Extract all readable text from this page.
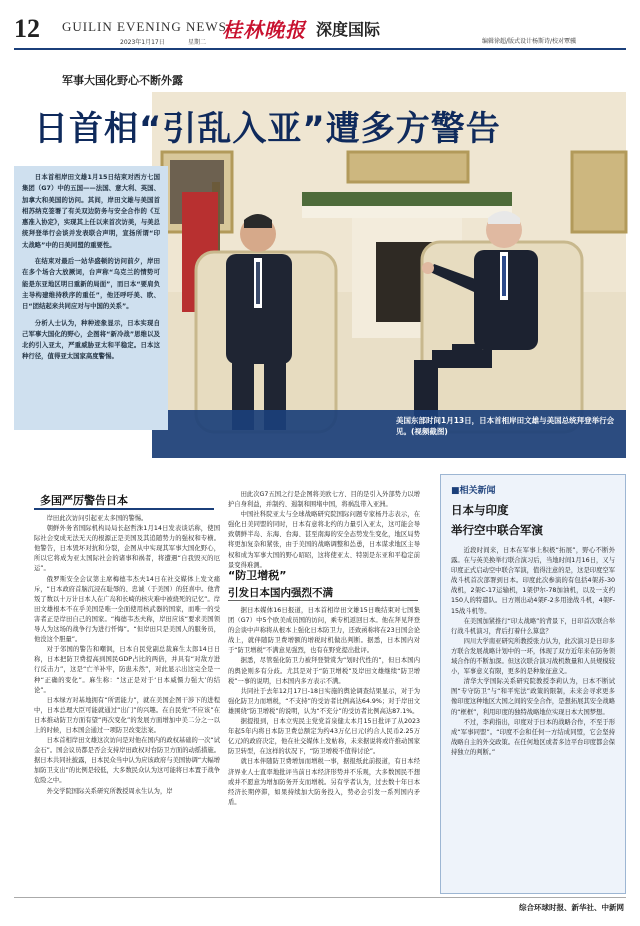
12 GUILIN EVENING NEWS
2023年1月17日	星期二
桂林晚报 深度国际
编辑徐超/版式设计杨斯诗/校对覃骥
军事大国化野心不断外露
日首相“引乱入亚”遭多方警告
美国东部时间1月13日，日本首相岸田文雄与美国总统拜登举行会见。(视频截图)

日本首相岸田文雄1月15日结束对西方七国集团（G7）中的五国——法国、意大利、英国、加拿大和美国的访问。其间，岸田文雄与美国首相苏纳克签署了有关双边防务与安全合作的《互惠准入协定》，实现其上任以来首次访美，与美总统拜登举行会谈并发表联合声明，宣扬所谓“印太战略”中的日美同盟的重要性。

在结束对最后一站华盛顿的访问前夕，岸田在多个场合大放厥词，台声称“乌克兰的情势可能是东亚地区明日重新的局面”，而日本“要肩负主导构建维持秩序的重任”，他还呼吁美、欧、日“团结起来共同应对与中国的关系”。

分析人士认为，种种迹象显示，日本实现自己军事大国化的野心，企图将“新冷战”思维以及北约引入亚太，严重威胁亚太和平稳定。日本这种行径，值得亚太国家高度警惕。

多国严厉警告日本

岸田此次访问引起亚太多国的警惕。

朝鲜外务省国际机构局局长赵哲洙1月14日发表谈话称，使国际社会变成无法无天的根源正是美国及其追随势力的强权和专横。他警告，日本毁坏对抗和分裂，企图从中实现其军事大国化野心，所以它将成为亚太国际社会的诸事和祸者，将遭遇“自我毁灭的厄运”。

俄罗斯安全会议第主席梅德韦杰夫14日在社交媒体上发文痛斥，“日本政府首脑沉浸在耻辱的、忠诚（于美国）的狂喜中。他背叛了数以十万计日本人在广岛和长崎的核灾难中被烧死的记忆”。岸田文雄根本不在乎美国是唯一全面使用核武器的国家，而唯一的受害者正是岸田自己的国家。“梅德韦杰夫称，岸田应该“要求美国领导人为这场的战争行为进行忏悔”。“但岸田只是美国人的服务员，他没这个胆量”。

对于邻国的警告和嘲讽，日本自民党副总裁麻生太郎14日日称，日本把防卫费提高到国民GDP占比的两倍，并具有“对敌方进行反击力”，这是“亡羊补牢，防患未然”，对此显示出这完全是一种“正确的变化”。麻生称：“这正是对于‘日本威慑力强大’的结论”。

日本绿方对基地拥有“所需能力”，就在美国企图干涉下的进程中，日本总理大臣可能就通过“出门”的兴趣。在自民党“不应该”在日本推动防卫方面有望“再次变化”的发展方面增加中美二分之一以上的时候，日本国会通过一项防卫改变法案。

日本首相岸田文雄这次访问是对他在国内的政权基础的一次“试金石”。国会议员都是否会支持岸田政权对台防卫方面的动摇措施。据日本共同社披露，日本民众当中认为应该政府与美国协调“大幅增加防卫支出”的比例是较低，大多数民众认为这可能将日本置于战争危险之中。

外交学院国际关系研究所教授周永生认为，岸

田此次G7五国之行是企图将美欧七方、目的是引入外部势力以增护自身利益，并制约、遏制和围堵中国，将祸乱带入亚洲。

中国社科院亚太与全球战略研究院国际问题专家杨丹志表示，在强化日美同盟的同时，日本有意将北约的力量引入亚太，这可能会导致朝鲜半岛、东海、台海、甚至南海的安全态势发生变化，地区局势将更加复杂和紧张，由于美国的战略调整和怂恿，日本谋求地区主导权和成为军事大国的野心昭昭，这将使亚太、特别是东亚和平稳定前景变得难测。

“防卫增税”
引发日本国内强烈不满

据日本媒体16日报道，日本首相岸田文雄15日晚结束对七国集团（G7）中5个欧美成员国的访问，乘专机返回日本。他在拜见拜登的会谈中声称将从根本上强化日本防卫力，还致函称将在23日国会论战上，就伴随防卫费增额的增税时机做出判断。据悉，日本国内对于“防卫增税”不满意见强烈，也有在野党提出批评。

据悉，尽管强化防卫力被拜登赞赏为“划时代性的”，但日本国内的舆论则多有分歧。尤其是对于“防卫增税”及岸田文雄继续“防卫增税”一事的说明，日本国内多方表示不满。

共同社于去年12月17日-18日实施的舆论调查结果显示，对于为强化防卫力而增税，“不支持”的受访者比例高达64.9%；对于岸田文雄围绕“防卫增税”的说明，认为“不充分”的受访者比例高达87.1%。

据提报到，日本立宪民主党党首泉健太本月15日批评了从2023年起5年内将日本防卫费总额定为约43万亿日元(约合人民币2.25万亿元)的政府决定，他在社交媒体上发帖称，未来据说将或许推动国家防卫转型，在这样的状况下，“防卫增税不值得讨论”。

就日本伴随防卫费增加而增税一事，据报纸此前报道，有日本经济界业人士直率地批评当前日本经济形势并不乐观，大多数国民不想或并不愿意为增加防务开支而增税。另有学者认为，过去数十年日本经济长期停滞，如果持续加大防务投入，势必会引发一系列国内矛盾。

■相关新闻
日本与印度
举行空中联合军演

近段时间来，日本在军事上积极“拓展”，野心不断外露。在与英美换举行联合演习后，当地时间1月16日，又与印度正式启动空中联合军演，值得注意的是，这是印度空军战斗机首次部署到日本。印度此次参演的有包括4架苏-30战机，2架C-17运输机，1架伊尔-78加油机，以及一支约150人的特遣队。日方则出动4架F-2多用途战斗机，4架F-15战斗机等。

在美国加紧推行“印太战略”的背景下，日印首次联合举行战斗机演习，背后打着什么算盘？

四川大学南亚研究所教授张力认为，此次演习是日印多方联合发展战略计划中的一环，体现了双方近年来在防务领域合作的不断加深。但这次联合演习战机数量和人员规模较小，军事意义有限，更多的是种象征意义。

清华大学国际关系研究院教授李莉认为，日本不断试图“专守防卫”与“和平宪法”政策的限制，未来会寻求更多像印度这种地区大国之间的安全合作，是想拓展其安全战略的“框框”，利用印度的独特战略地位实现日本大国梦想。

不过，李莉指出，印度对于日本的战略合作，不至于形成“军事同盟”。“印度不会和任何一方结成同盟，它会坚持战略自主的外交政策。在任何地区或者多边平台印度都会保持独立的判断。”

综合环球时报、新华社、中新网
